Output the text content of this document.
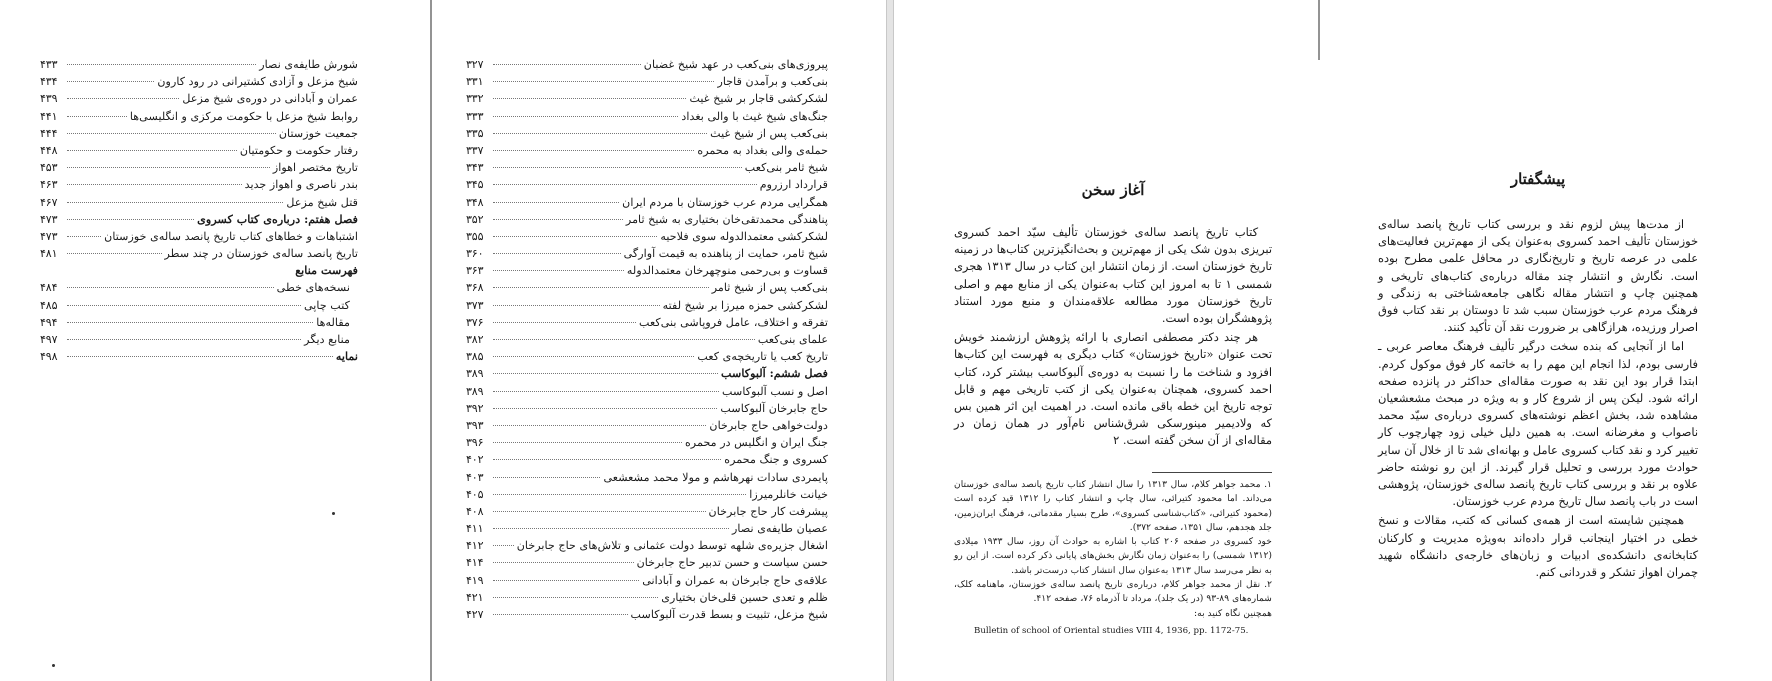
شورش طایفه‌ی نصار
۴۳۳
شیخ مزعل و آزادی کشتیرانی در رود کارون
۴۳۴
عمران و آبادانی در دوره‌ی شیخ مزعل
۴۳۹
روابط شیخ مزعل با حکومت مرکزی و انگلیسی‌ها
۴۴۱
جمعیت خوزستان
۴۴۴
رفتار حکومت و حکومتیان
۴۴۸
تاریخ مختصر اهواز
۴۵۳
بندر ناصری و اهواز جدید
۴۶۳
قتل شیخ مزعل
۴۶۷
فصل هفتم: درباره‌ی کتاب کسروی
۴۷۳
اشتباهات و خطاهای کتاب تاریخ پانصد ساله‌ی خوزستان
۴۷۳
تاریخ پانصد ساله‌ی خوزستان در چند سطر
۴۸۱
فهرست منابع
نسخه‌های خطی
۴۸۴
کتب چاپی
۴۸۵
مقاله‌ها
۴۹۴
منابع دیگر
۴۹۷
نمایه
۴۹۸
پیروزی‌های بنی‌کعب در عهد شیخ غضبان
۳۲۷
بنی‌کعب و برآمدن قاجار
۳۳۱
لشکرکشی قاجار بر شیخ غیث
۳۳۲
جنگ‌های شیخ غیث با والی بغداد
۳۳۳
بنی‌کعب پس از شیخ غیث
۳۳۵
حمله‌ی والی بغداد به محمره
۳۳۷
شیخ ثامر بنی‌کعب
۳۴۳
قرارداد ارزروم
۳۴۵
همگرایی مردم عرب خوزستان با مردم ایران
۳۴۸
پناهندگی محمدتقی‌خان بختیاری به شیخ ثامر
۳۵۲
لشکرکشی معتمدالدوله سوی فلاحیه
۳۵۵
شیخ ثامر، حمایت از پناهنده به قیمت آوارگی
۳۶۰
قساوت و بی‌رحمی منوچهرخان معتمدالدوله
۳۶۳
بنی‌کعب پس از شیخ ثامر
۳۶۸
لشکرکشی حمزه میرزا بر شیخ لفته
۳۷۳
تفرقه و اختلاف، عامل فروپاشی بنی‌کعب
۳۷۶
علمای بنی‌کعب
۳۸۲
تاریخ کعب یا تاریخچه‌ی کعب
۳۸۵
فصل ششم: آلبوکاسب
۳۸۹
اصل و نسب آلبوکاسب
۳۸۹
حاج جابرخان آلبوکاسب
۳۹۲
دولت‌خواهی حاج جابرخان
۳۹۳
جنگ ایران و انگلیس در محمره
۳۹۶
کسروی و جنگ محمره
۴۰۲
پایمردی سادات نهرهاشم و مولا محمد مشعشعی
۴۰۳
خیانت خانلرمیرزا
۴۰۵
پیشرفت کار حاج جابرخان
۴۰۸
عصیان طایفه‌ی نصار
۴۱۱
اشغال جزیره‌ی شلهه توسط دولت عثمانی و تلاش‌های حاج جابرخان
۴۱۲
حسن سیاست و حسن تدبیر حاج جابرخان
۴۱۴
علاقه‌ی حاج جابرخان به عمران و آبادانی
۴۱۹
ظلم و تعدی حسین قلی‌خان بختیاری
۴۲۱
شیخ مزعل، تثبیت و بسط قدرت آلبوکاسب
۴۲۷
آغاز سخن

کتاب تاریخ پانصد ساله‌ی خوزستان تألیف سیّد احمد کسروی تبریزی بدون شک یکی از مهم‌ترین و بحث‌انگیزترین کتاب‌ها در زمینه تاریخ خوزستان است. از زمان انتشار این کتاب در سال ۱۳۱۳ هجری شمسی ۱ تا به امروز این کتاب به‌عنوان یکی از منابع مهم و اصلی تاریخ خوزستان مورد مطالعه علاقه‌مندان و منبع مورد استناد پژوهشگران بوده است.

هر چند دکتر مصطفی انصاری با ارائه پژوهش ارزشمند خویش تحت عنوان «تاریخ خوزستان» کتاب دیگری به فهرست این کتاب‌ها افزود و شناخت ما را نسبت به دوره‌ی آلبوکاسب بیشتر کرد، کتاب احمد کسروی، همچنان به‌عنوان یکی از کتب تاریخی مهم و قابل توجه تاریخ این خطه باقی مانده است. در اهمیت این اثر همین بس که ولادیمیر مینورسکی شرق‌شناس نام‌آور در همان زمان در مقاله‌ای از آن سخن گفته است. ۲

۱. محمد جواهر کلام، سال ۱۳۱۳ را سال انتشار کتاب تاریخ پانصد ساله‌ی خوزستان می‌داند. اما محمود کتیرائی، سال چاپ و انتشار کتاب را ۱۳۱۲ قید کرده است (محمود کتیرائی، «کتاب‌شناسی کسروی»، طرح بسیار مقدماتی، فرهنگ ایران‌زمین، جلد هجدهم، سال ۱۳۵۱، صفحه ۳۷۲).

خود کسروی در صفحه ۲۰۶ کتاب با اشاره به حوادث آن روز، سال ۱۹۳۳ میلادی (۱۳۱۲ شمسی) را به‌عنوان زمان نگارش بخش‌های پایانی ذکر کرده است. از این رو به نظر می‌رسد سال ۱۳۱۳ به‌عنوان سال انتشار کتاب درست‌تر باشد.

۲. نقل از محمد جواهر کلام، درباره‌ی تاریخ پانصد ساله‌ی خوزستان، ماهنامه کلک، شماره‌های ۸۹-۹۳ (در یک جلد)، مرداد تا آذرماه ۷۶، صفحه ۴۱۲.

همچنین نگاه کنید به:

Bulletin of school of Oriental studies VIII 4, 1936, pp. 1172-75.
پیشگفتار

از مدت‌ها پیش لزوم نقد و بررسی کتاب تاریخ پانصد ساله‌ی خوزستان تألیف احمد کسروی به‌عنوان یکی از مهم‌ترین فعالیت‌های علمی در عرصه تاریخ و تاریخ‌نگاری در محافل علمی مطرح بوده است. نگارش و انتشار چند مقاله درباره‌ی کتاب‌های تاریخی و همچنین چاپ و انتشار مقاله نگاهی جامعه‌شناختی به زندگی و فرهنگ مردم عرب خوزستان سبب شد تا دوستان بر نقد کتاب فوق اصرار ورزیده، هراز‌گاهی بر ضرورت نقد آن تأکید کنند.

اما از آنجایی که بنده سخت درگیر تألیف فرهنگ معاصر عربی ـ فارسی بودم، لذا انجام این مهم را به خاتمه کار فوق موکول کردم. ابتدا قرار بود این نقد به صورت مقاله‌ای حداکثر در پانزده صفحه ارائه شود. لیکن پس از شروع کار و به ویژه در مبحث مشعشعیان مشاهده شد، بخش اعظم نوشته‌های کسروی درباره‌ی سیّد محمد ناصواب و مغرضانه است. به همین دلیل خیلی زود چهارچوب کار تغییر کرد و نقد کتاب کسروی عامل و بهانه‌ای شد تا از خلال آن سایر حوادث مورد بررسی و تحلیل قرار گیرند. از این رو نوشته حاضر علاوه بر نقد و بررسی کتاب تاریخ پانصد ساله‌ی خوزستان، پژوهشی است در باب پانصد سال تاریخ مردم عرب خوزستان.

همچنین شایسته است از همه‌ی کسانی که کتب، مقالات و نسخ خطی در اختیار اینجانب قرار داده‌اند به‌ویژه مدیریت و کارکنان کتابخانه‌ی دانشکده‌ی ادبیات و زبان‌های خارجه‌ی دانشگاه شهید چمران اهواز تشکر و قدردانی کنم.
